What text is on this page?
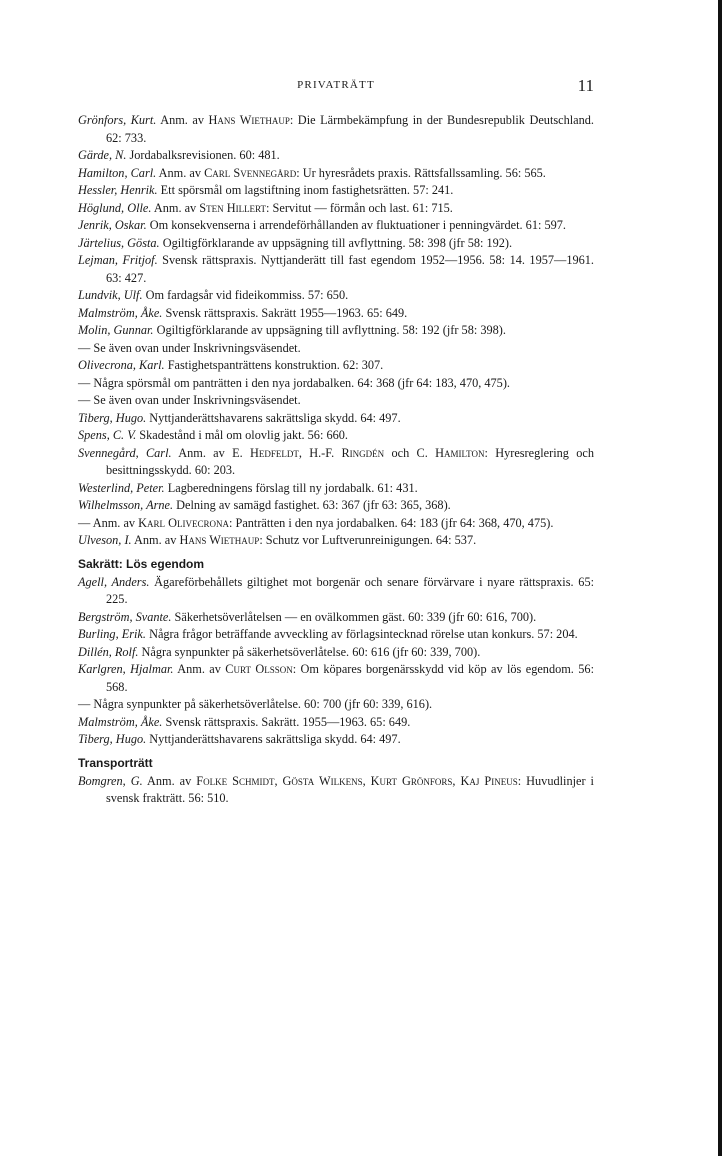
PRIVATRÄTT	11

Grönfors, Kurt. Anm. av Hans Wiethaup: Die Lärmbekämpfung in der Bundesrepublik Deutschland. 62: 733.

Gärde, N. Jordabalksrevisionen. 60: 481.

Hamilton, Carl. Anm. av Carl Svennegård: Ur hyresrådets praxis. Rättsfallssamling. 56: 565.

Hessler, Henrik. Ett spörsmål om lagstiftning inom fastighetsrätten. 57: 241.

Höglund, Olle. Anm. av Sten Hillert: Servitut — förmån och last. 61: 715.

Jenrik, Oskar. Om konsekvenserna i arrendeförhållanden av fluktuationer i penningvärdet. 61: 597.

Järtelius, Gösta. Ogiltigförklarande av uppsägning till avflyttning. 58: 398 (jfr 58: 192).

Lejman, Fritjof. Svensk rättspraxis. Nyttjanderätt till fast egendom 1952—1956. 58: 14. 1957—1961. 63: 427.

Lundvik, Ulf. Om fardagsår vid fideikommiss. 57: 650.

Malmström, Åke. Svensk rättspraxis. Sakrätt 1955—1963. 65: 649.

Molin, Gunnar. Ogiltigförklarande av uppsägning till avflyttning. 58: 192 (jfr 58: 398).

— Se även ovan under Inskrivningsväsendet.

Olivecrona, Karl. Fastighetspanträttens konstruktion. 62: 307.

— Några spörsmål om panträtten i den nya jordabalken. 64: 368 (jfr 64: 183, 470, 475).

— Se även ovan under Inskrivningsväsendet.

Tiberg, Hugo. Nyttjanderättshavarens sakrättsliga skydd. 64: 497.

Spens, C. V. Skadestånd i mål om olovlig jakt. 56: 660.

Svennegård, Carl. Anm. av E. Hedfeldt, H.-F. Ringdén och C. Hamilton: Hyresreglering och besittningsskydd. 60: 203.

Westerlind, Peter. Lagberedningens förslag till ny jordabalk. 61: 431.

Wilhelmsson, Arne. Delning av samägd fastighet. 63: 367 (jfr 63: 365, 368).

— Anm. av Karl Olivecrona: Panträtten i den nya jordabalken. 64: 183 (jfr 64: 368, 470, 475).

Ulveson, I. Anm. av Hans Wiethaup: Schutz vor Luftverunreinigungen. 64: 537.

Sakrätt: Lös egendom

Agell, Anders. Ägareförbehållets giltighet mot borgenär och senare förvärvare i nyare rättspraxis. 65: 225.

Bergström, Svante. Säkerhetsöverlåtelsen — en ovälkommen gäst. 60: 339 (jfr 60: 616, 700).

Burling, Erik. Några frågor beträffande avveckling av förlagsintecknad rörelse utan konkurs. 57: 204.

Dillén, Rolf. Några synpunkter på säkerhetsöverlåtelse. 60: 616 (jfr 60: 339, 700).

Karlgren, Hjalmar. Anm. av Curt Olsson: Om köpares borgenärsskydd vid köp av lös egendom. 56: 568.

— Några synpunkter på säkerhetsöverlåtelse. 60: 700 (jfr 60: 339, 616).

Malmström, Åke. Svensk rättspraxis. Sakrätt. 1955—1963. 65: 649.

Tiberg, Hugo. Nyttjanderättshavarens sakrättsliga skydd. 64: 497.

Transporträtt

Bomgren, G. Anm. av Folke Schmidt, Gösta Wilkens, Kurt Grönfors, Kaj Pineus: Huvudlinjer i svensk frakträtt. 56: 510.
